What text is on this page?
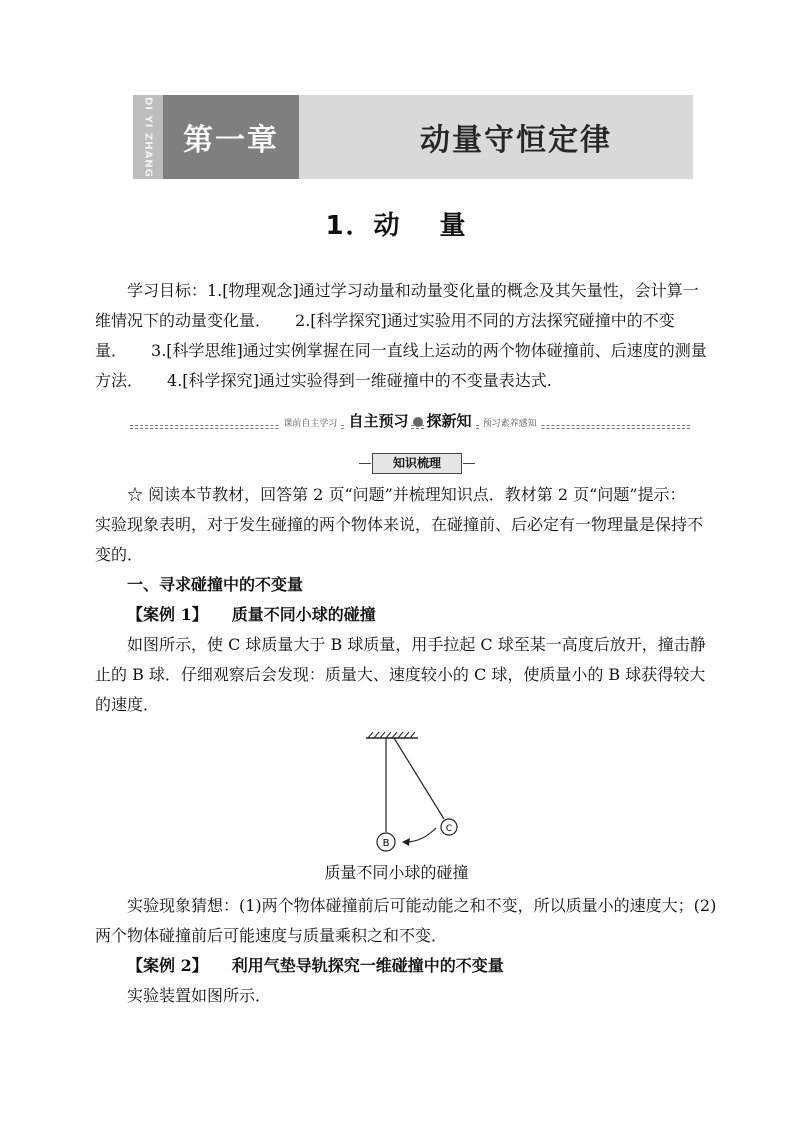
DI YI ZHANG 第一章	动量守恒定律
1．动 量
学习目标：1.[物理观念]通过学习动量和动量变化量的概念及其矢量性，会计算一
维情况下的动量变化量． 2.[科学探究]通过实验用不同的方法探究碰撞中的不变
量． 3.[科学思维]通过实例掌握在同一直线上运动的两个物体碰撞前、后速度的测量
方法． 4.[科学探究]通过实验得到一维碰撞中的不变量表达式.
课前自主学习 自主预习 探新知 预习素养感知
知识梳理
☆ 阅读本节教材，回答第 2 页“问题”并梳理知识点．教材第 2 页“问题”提示：
实验现象表明，对于发生碰撞的两个物体来说，在碰撞前、后必定有一物理量是保持不
变的．
一、寻求碰撞中的不变量
【案例 1】 质量不同小球的碰撞
如图所示，使 C 球质量大于 B 球质量，用手拉起 C 球至某一高度后放开，撞击静
止的 B 球．仔细观察后会发现：质量大、速度较小的 C 球，使质量小的 B 球获得较大
的速度．
B
C
质量不同小球的碰撞
实验现象猜想：(1)两个物体碰撞前后可能动能之和不变，所以质量小的速度大；(2)
两个物体碰撞前后可能速度与质量乘积之和不变．
【案例 2】 利用气垫导轨探究一维碰撞中的不变量
实验装置如图所示．
